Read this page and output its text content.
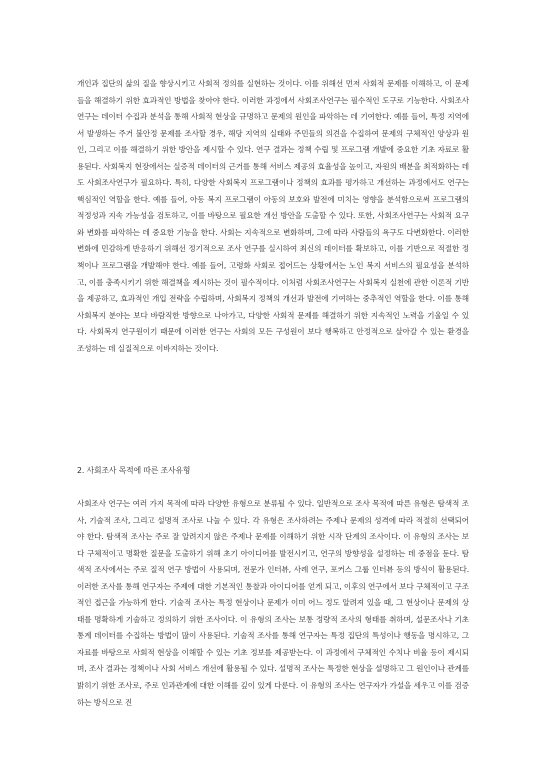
개인과 집단의 삶의 질을 향상시키고 사회적 정의를 실현하는 것이다. 이를 위해선 먼저 사회적 문제를 이해하고, 이 문제들을 해결하기 위한 효과적인 방법을 찾아야 한다. 이러한 과정에서 사회조사연구는 필수적인 도구로 기능한다. 사회조사연구는 데이터 수집과 분석을 통해 사회적 현상을 규명하고 문제의 원인을 파악하는 데 기여한다. 예를 들어, 특정 지역에서 발생하는 주거 불안정 문제를 조사할 경우, 해당 지역의 실태와 주민들의 의견을 수집하여 문제의 구체적인 양상과 원인, 그리고 이를 해결하기 위한 방안을 제시할 수 있다. 연구 결과는 정책 수립 및 프로그램 개발에 중요한 기초 자료로 활용된다. 사회복지 현장에서는 실증적 데이터의 근거를 통해 서비스 제공의 효율성을 높이고, 자원의 배분을 최적화하는 데도 사회조사연구가 필요하다. 특히, 다양한 사회복지 프로그램이나 정책의 효과를 평가하고 개선하는 과정에서도 연구는 핵심적인 역할을 한다. 예를 들어, 아동 복지 프로그램이 아동의 보호와 발전에 미치는 영향을 분석함으로써 프로그램의 적정성과 지속 가능성을 검토하고, 이를 바탕으로 필요한 개선 방안을 도출할 수 있다. 또한, 사회조사연구는 사회적 요구와 변화를 파악하는 데 중요한 기능을 한다. 사회는 지속적으로 변화하며, 그에 따라 사람들의 욕구도 다변화한다. 이러한 변화에 민감하게 반응하기 위해선 정기적으로 조사 연구를 실시하여 최신의 데이터를 확보하고, 이를 기반으로 적절한 정책이나 프로그램을 개발해야 한다. 예를 들어, 고령화 사회로 접어드는 상황에서는 노인 복지 서비스의 필요성을 분석하고, 이를 충족시키기 위한 해결책을 제시하는 것이 필수적이다. 이처럼 사회조사연구는 사회복지 실천에 관한 이론적 기반을 제공하고, 효과적인 개입 전략을 수립하며, 사회복지 정책의 개선과 발전에 기여하는 중추적인 역할을 한다. 이를 통해 사회복지 분야는 보다 바람직한 방향으로 나아가고, 다양한 사회적 문제를 해결하기 위한 지속적인 노력을 기울일 수 있다. 사회복지 연구원이기 때문에 이러한 연구는 사회의 모든 구성원이 보다 행복하고 안정적으로 살아갈 수 있는 환경을 조성하는 데 실질적으로 이바지하는 것이다.

2. 사회조사 목적에 따른 조사유형

사회조사 연구는 여러 가지 목적에 따라 다양한 유형으로 분류될 수 있다. 일반적으로 조사 목적에 따른 유형은 탐색적 조사, 기술적 조사, 그리고 설명적 조사로 나눌 수 있다. 각 유형은 조사하려는 주제나 문제의 성격에 따라 적절히 선택되어야 한다. 탐색적 조사는 주로 잘 알려지지 않은 주제나 문제를 이해하기 위한 시작 단계의 조사이다. 이 유형의 조사는 보다 구체적이고 명확한 질문을 도출하기 위해 초기 아이디어를 발전시키고, 연구의 방향성을 설정하는 데 중점을 둔다. 탐색적 조사에서는 주로 질적 연구 방법이 사용되며, 전문가 인터뷰, 사례 연구, 포커스 그룹 인터뷰 등의 방식이 활용된다. 이러한 조사를 통해 연구자는 주제에 대한 기본적인 통찰과 아이디어를 얻게 되고, 이후의 연구에서 보다 구체적이고 구조적인 접근을 가능하게 한다. 기술적 조사는 특정 현상이나 문제가 이미 어느 정도 알려져 있을 때, 그 현상이나 문제의 상태를 명확하게 기술하고 정의하기 위한 조사이다. 이 유형의 조사는 보통 정량적 조사의 형태를 취하며, 설문조사나 기초 통계 데이터를 수집하는 방법이 많이 사용된다. 기술적 조사를 통해 연구자는 특정 집단의 특성이나 행동을 명시하고, 그 자료를 바탕으로 사회적 현상을 이해할 수 있는 기초 정보를 제공받는다. 이 과정에서 구체적인 수치나 비율 등이 제시되며, 조사 결과는 정책이나 사회 서비스 개선에 활용될 수 있다. 설명적 조사는 특정한 현상을 설명하고 그 원인이나 관계를 밝히기 위한 조사로, 주로 인과관계에 대한 이해를 깊이 있게 다룬다. 이 유형의 조사는 연구자가 가설을 세우고 이를 검증하는 방식으로 진
